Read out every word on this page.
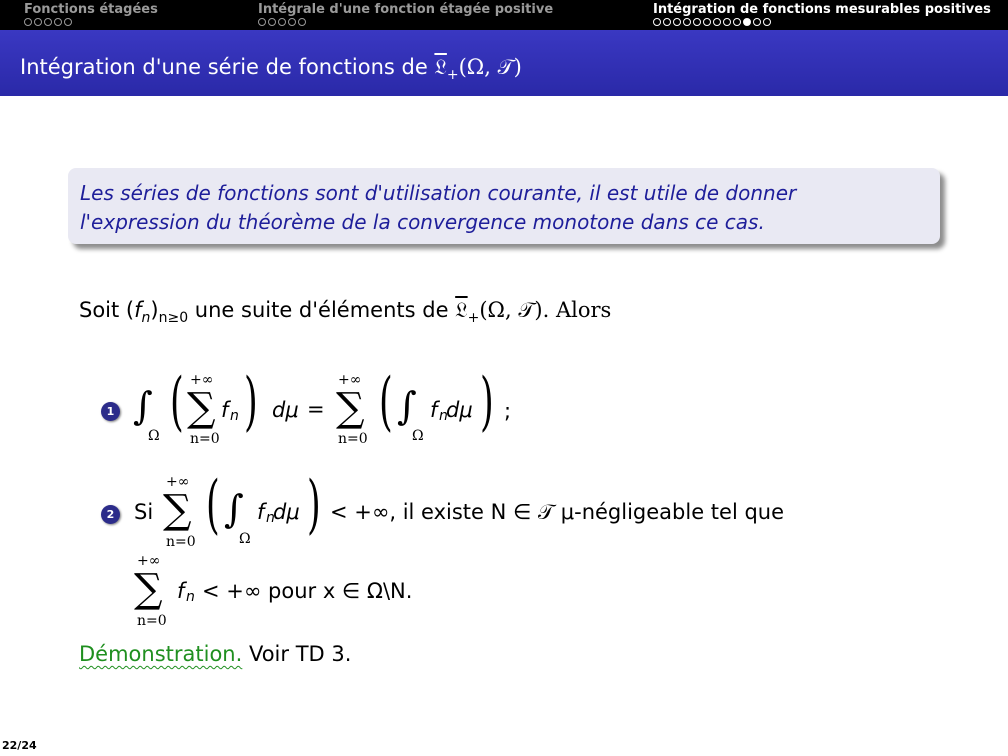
Fonctions étagées	Intégrale d'une fonction étagée positive	Intégration de fonctions mesurables positives
Intégration d'une série de fonctions de 𝔏$_+$(Ω, 𝒯)

Les séries de fonctions sont d'utilisation courante, il est utile de donner
l'expression du théorème de la convergence monotone dans ce cas.

Soit $(f_n)_{n\ge 0}$ une suite d'éléments de 𝔏$_+$(Ω, 𝒯). Alors
1 ∫
Ω ( +∞
∑
n=0
f n ) dμ =
+∞
∑
n=0 ( ∫
Ω
f n
dμ ) ;
2 Si
+∞
∑
n=0 ( ∫
Ω
f n
dμ ) < +∞, il existe N ∈ 𝒯 μ-négligeable tel que
+∞
∑
n=0
f n < +∞ pour x ∈ Ω\N.
Démonstration. Voir TD 3.
22/24
